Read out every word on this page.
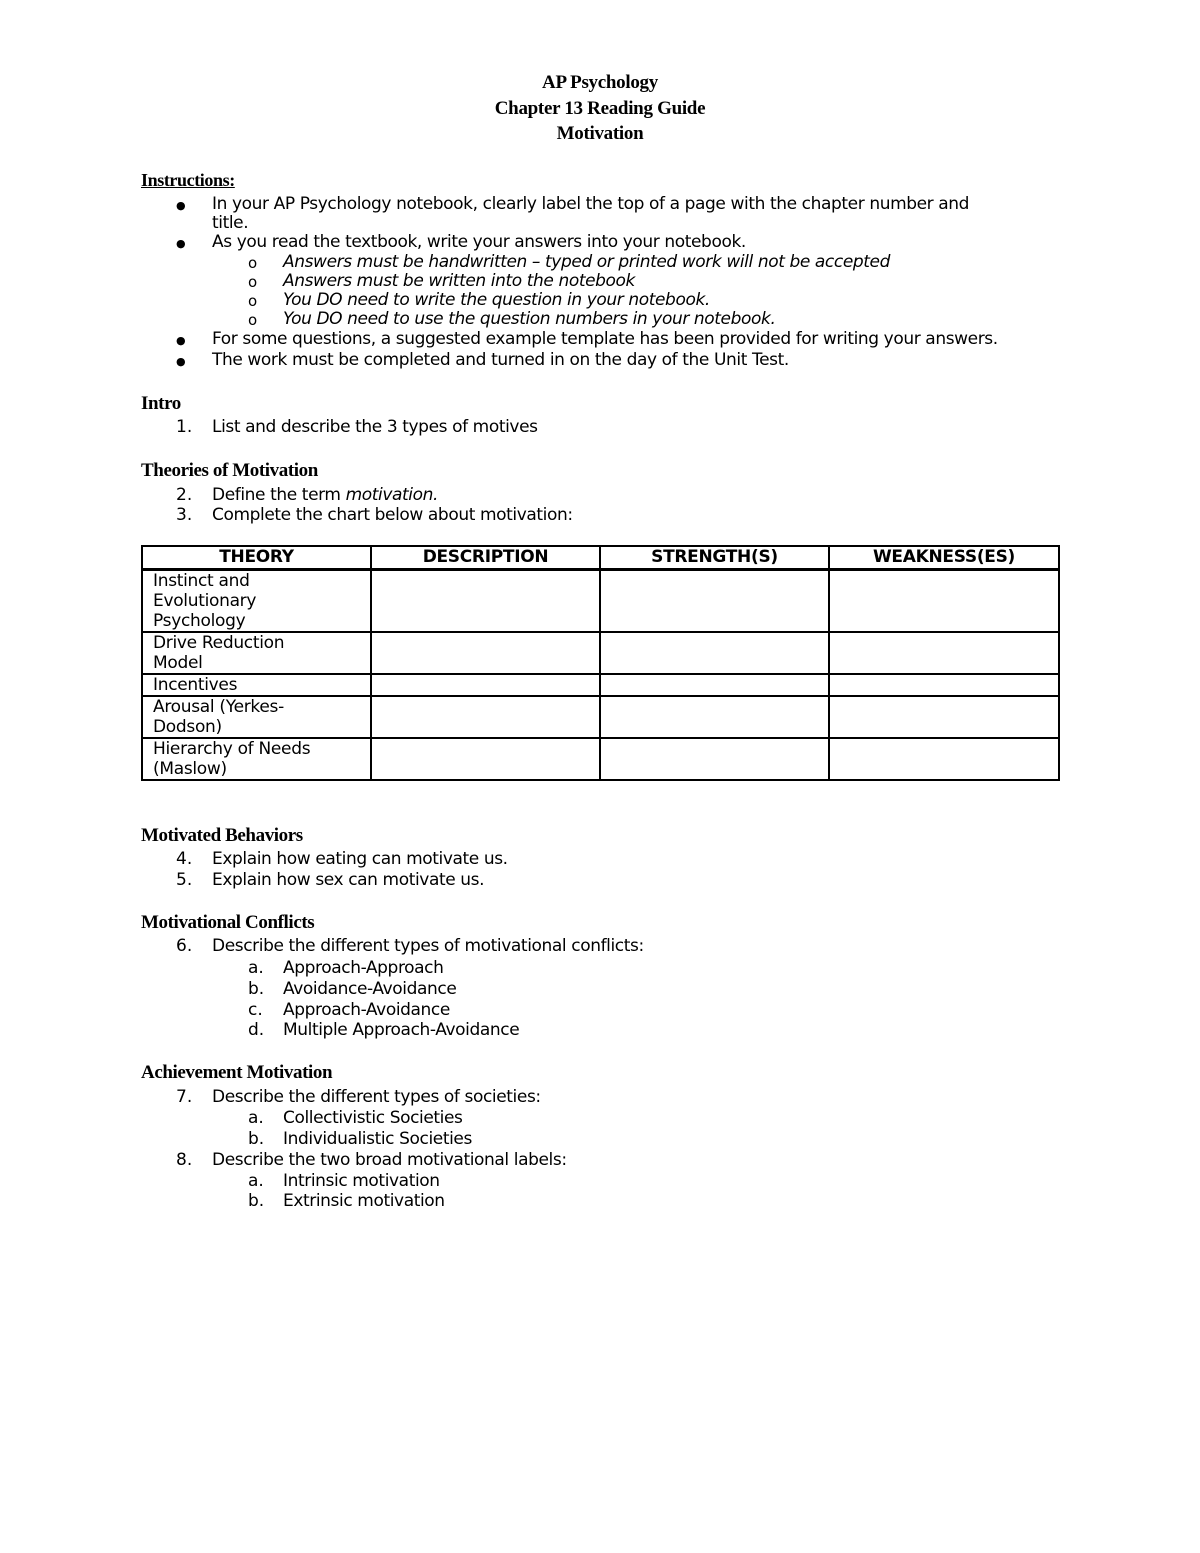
AP Psychology
Chapter 13 Reading Guide
Motivation
Instructions:
● In your AP Psychology notebook, clearly label the top of a page with the chapter number and
title.
● As you read the textbook, write your answers into your notebook.
o Answers must be handwritten – typed or printed work will not be accepted
o Answers must be written into the notebook
o You DO need to write the question in your notebook.
o You DO need to use the question numbers in your notebook.
● For some questions, a suggested example template has been provided for writing your answers.
● The work must be completed and turned in on the day of the Unit Test.
Intro
1. List and describe the 3 types of motives
Theories of Motivation
2. Define the term motivation.
3. Complete the chart below about motivation:
THEORY	DESCRIPTION	STRENGTH(S)	WEAKNESS(ES)

Instinct and
Evolutionary
Psychology			

Drive Reduction
Model			

Incentives			

Arousal (Yerkes-
Dodson)			

Hierarchy of Needs
(Maslow)			

Motivated Behaviors
4. Explain how eating can motivate us.
5. Explain how sex can motivate us.
Motivational Conflicts
6. Describe the different types of motivational conflicts:
a. Approach-Approach
b. Avoidance-Avoidance
c. Approach-Avoidance
d. Multiple Approach-Avoidance
Achievement Motivation
7. Describe the different types of societies:
a. Collectivistic Societies
b. Individualistic Societies
8. Describe the two broad motivational labels:
a. Intrinsic motivation
b. Extrinsic motivation
